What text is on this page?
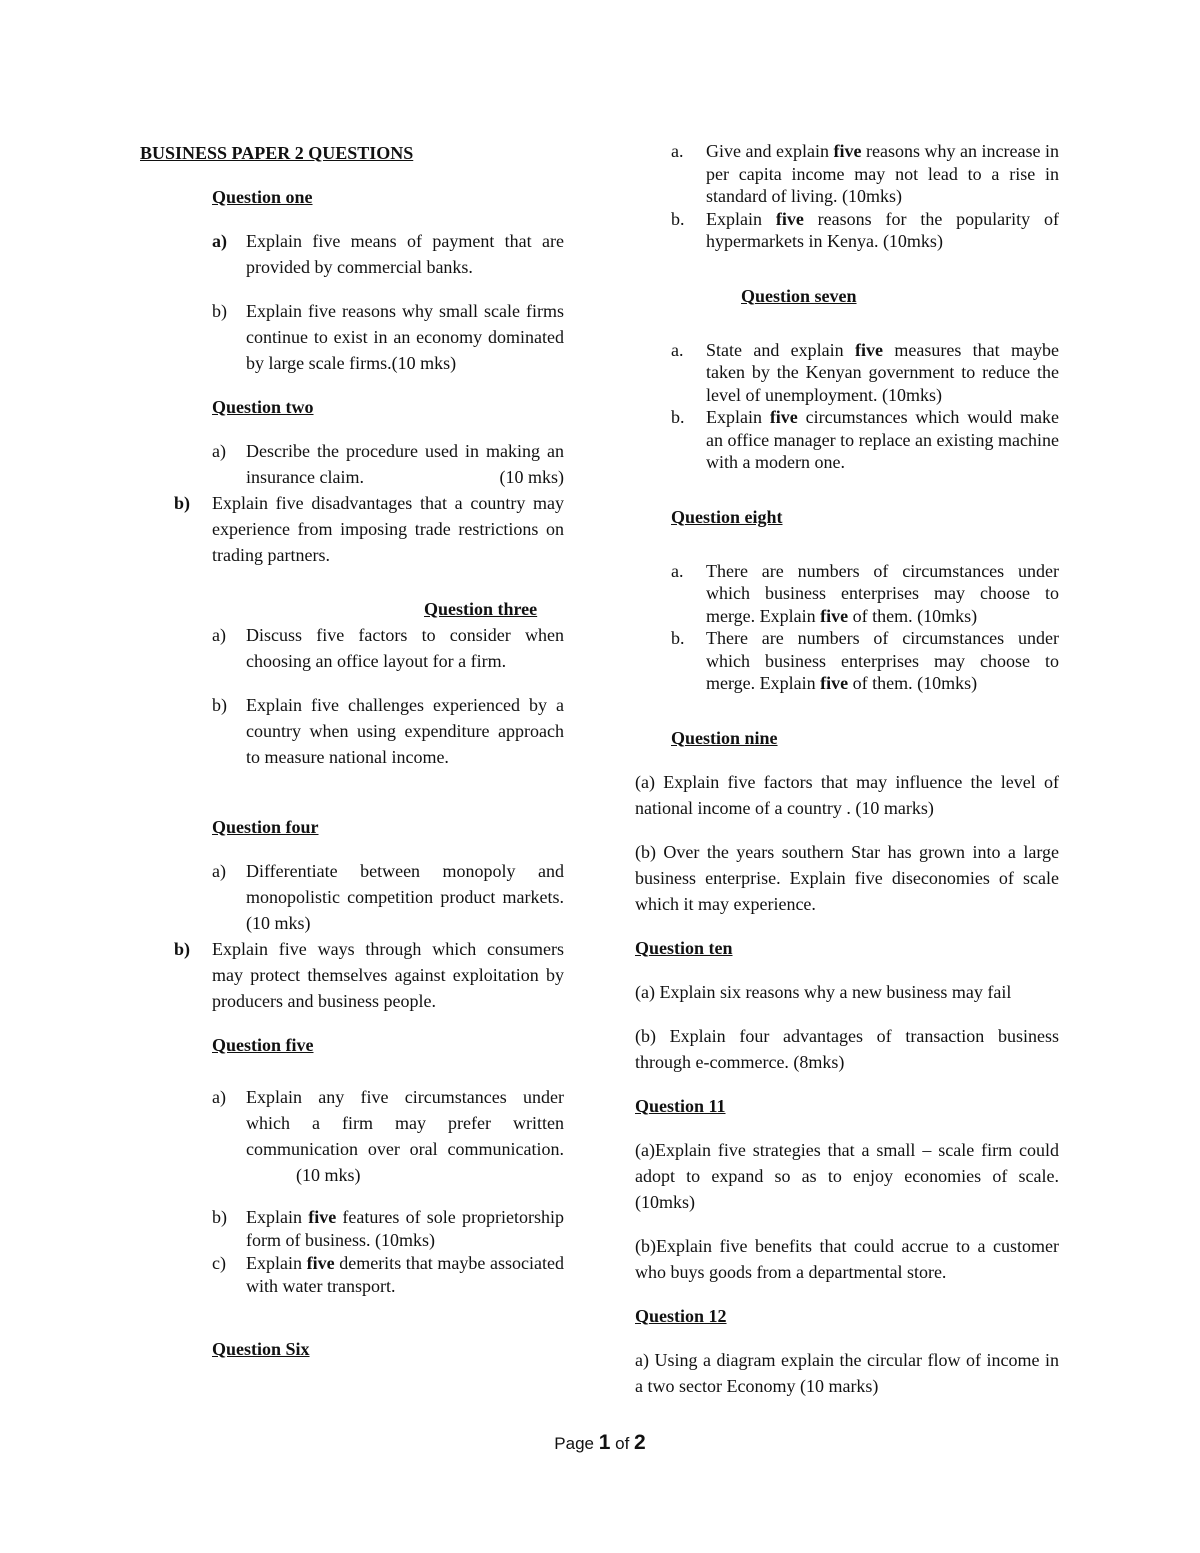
BUSINESS PAPER 2 QUESTIONS
Question one
a) Explain five means of payment that are provided by commercial banks.
b) Explain five reasons why small scale firms continue to exist in an economy dominated by large scale firms.(10 mks)
Question two
a) Describe the procedure used in making an insurance claim.	(10 mks)
b) Explain five disadvantages that a country may experience from imposing trade restrictions on trading partners.
Question three
a) Discuss five factors to consider when choosing an office layout for a firm.
b) Explain five challenges experienced by a country when using expenditure approach to measure national income.
Question four
a) Differentiate between monopoly and monopolistic competition product markets.(10 mks)
b) Explain five ways through which consumers may protect themselves against exploitation by producers and business people.
Question five
a) Explain any five circumstances under which a firm may prefer written communication over oral communication. (10 mks)
b) Explain five features of sole proprietorship form of business. (10mks)
c) Explain five demerits that maybe associated with water transport.
Question Six
a. Give and explain five reasons why an increase in per capita income may not lead to a rise in standard of living. (10mks)
b. Explain five reasons for the popularity of hypermarkets in Kenya. (10mks)
Question seven
a. State and explain five measures that maybe taken by the Kenyan government to reduce the level of unemployment. (10mks)
b. Explain five circumstances which would make an office manager to replace an existing machine with a modern one.
Question eight
a. There are numbers of circumstances under which business enterprises may choose to merge. Explain five of them. (10mks)
b. There are numbers of circumstances under which business enterprises may choose to merge. Explain five of them. (10mks)
Question nine
(a) Explain five factors that may influence the level of national income of a country . (10 marks)
(b) Over the years southern Star has grown into a large business enterprise. Explain five diseconomies of scale which it may experience.
Question ten
(a) Explain six reasons why a new business may fail
(b) Explain four advantages of transaction business through e-commerce. (8mks)
Question 11
(a)Explain five strategies that a small – scale firm could adopt to expand so as to enjoy economies of scale. (10mks)
(b)Explain five benefits that could accrue to a customer who buys goods from a departmental store.
Question 12
a) Using a diagram explain the circular flow of income in a two sector Economy (10 marks)
Page 1 of 2
